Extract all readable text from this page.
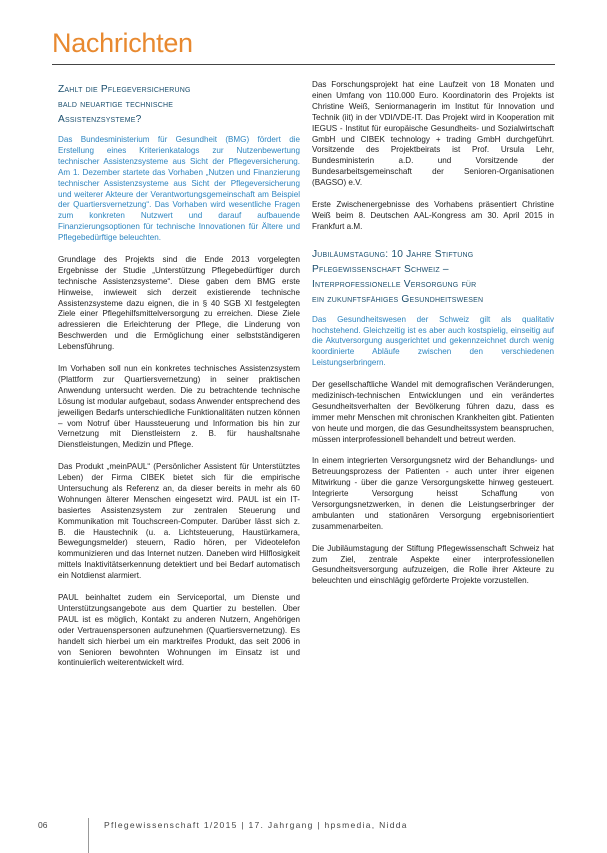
Nachrichten
Zahlt die Pflegeversicherung
bald neuartige technische
Assistenzsysteme?

Das Bundesministerium für Gesundheit (BMG) fördert die Erstellung eines Kriterienkatalogs zur Nutzenbewertung technischer Assistenzsysteme aus Sicht der Pflegeversicherung. Am 1. Dezember startete das Vorhaben „Nutzen und Finanzierung technischer Assistenzsysteme aus Sicht der Pflegeversicherung und weiterer Akteure der Verantwortungsgemeinschaft am Beispiel der Quartiersvernetzung“. Das Vorhaben wird wesentliche Fragen zum konkreten Nutzwert und darauf aufbauende Finanzierungsoptionen für technische Innovationen für Ältere und Pflegebedürftige beleuchten.

Grundlage des Projekts sind die Ende 2013 vorgelegten Ergebnisse der Studie „Unterstützung Pflegebedürftiger durch technische Assistenzsysteme“. Diese gaben dem BMG erste Hinweise, inwieweit sich derzeit existierende technische Assistenzsysteme dazu eignen, die in § 40 SGB XI festgelegten Ziele einer Pflegehilfsmittelversorgung zu erreichen. Diese Ziele adressieren die Erleichterung der Pflege, die Linderung von Beschwerden und die Ermöglichung einer selbstständigeren Lebensführung.

Im Vorhaben soll nun ein konkretes technisches Assistenzsystem (Plattform zur Quartiersvernetzung) in seiner praktischen Anwendung untersucht werden. Die zu betrachtende technische Lösung ist modular aufgebaut, sodass Anwender entsprechend des jeweiligen Bedarfs unterschiedliche Funktionalitäten nutzen können – vom Notruf über Haussteuerung und Information bis hin zur Vernetzung mit Dienstleistern z. B. für haushaltsnahe Dienstleistungen, Medizin und Pflege.

Das Produkt „meinPAUL“ (Persönlicher Assistent für Unterstütztes Leben) der Firma CIBEK bietet sich für die empirische Untersuchung als Referenz an, da dieser bereits in mehr als 60 Wohnungen älterer Menschen eingesetzt wird. PAUL ist ein IT-basiertes Assistenzsystem zur zentralen Steuerung und Kommunikation mit Touchscreen-Computer. Darüber lässt sich z. B. die Haustechnik (u. a. Lichtsteuerung, Haustürkamera, Bewegungsmelder) steuern, Radio hören, per Videotelefon kommunizieren und das Internet nutzen. Daneben wird Hilflosigkeit mittels Inaktivitätserkennung detektiert und bei Bedarf automatisch ein Notdienst alarmiert.

PAUL beinhaltet zudem ein Serviceportal, um Dienste und Unterstützungsangebote aus dem Quartier zu bestellen. Über PAUL ist es möglich, Kontakt zu anderen Nutzern, Angehörigen oder Vertrauenspersonen aufzunehmen (Quartiersvernetzung). Es handelt sich hierbei um ein marktreifes Produkt, das seit 2006 in von Senioren bewohnten Wohnungen im Einsatz ist und kontinuierlich weiterentwickelt wird.

Das Forschungsprojekt hat eine Laufzeit von 18 Monaten und einen Umfang von 110.000 Euro. Koordinatorin des Projekts ist Christine Weiß, Seniormanagerin im Institut für Innovation und Technik (iit) in der VDI/VDE-IT. Das Projekt wird in Kooperation mit IEGUS - Institut für europäische Gesundheits- und Sozialwirtschaft GmbH und CIBEK technology + trading GmbH durchgeführt. Vorsitzende des Projektbeirats ist Prof. Ursula Lehr, Bundesministerin a.D. und Vorsitzende der Bundesarbeitsgemeinschaft der Senioren-Organisationen (BAGSO) e.V.

Erste Zwischenergebnisse des Vorhabens präsentiert Christine Weiß beim 8. Deutschen AAL-Kongress am 30. April 2015 in Frankfurt a.M.

Jubiläumstagung: 10 Jahre Stiftung
Pflegewissenschaft Schweiz –
Interprofessionelle Versorgung für
ein zukunftsfähiges Gesundheitswesen

Das Gesundheitswesen der Schweiz gilt als qualitativ hochstehend. Gleichzeitig ist es aber auch kostspielig, einseitig auf die Akutversorgung ausgerichtet und gekennzeichnet durch wenig koordinierte Abläufe zwischen den verschiedenen Leistungserbringern.

Der gesellschaftliche Wandel mit demografischen Veränderungen, medizinisch-technischen Entwicklungen und ein verändertes Gesundheitsverhalten der Bevölkerung führen dazu, dass es immer mehr Menschen mit chronischen Krankheiten gibt. Patienten von heute und morgen, die das Gesundheitssystem beanspruchen, müssen interprofessionell behandelt und betreut werden.

In einem integrierten Versorgungsnetz wird der Behandlungs- und Betreuungsprozess der Patienten - auch unter ihrer eigenen Mitwirkung - über die ganze Versorgungskette hinweg gesteuert. Integrierte Versorgung heisst Schaffung von Versorgungsnetzwerken, in denen die Leistungserbringer der ambulanten und stationären Versorgung ergebnisorientiert zusammenarbeiten.

Die Jubiläumstagung der Stiftung Pflegewissenschaft Schweiz hat zum Ziel, zentrale Aspekte einer interprofessionellen Gesundheitsversorgung aufzuzeigen, die Rolle ihrer Akteure zu beleuchten und einschlägig geförderte Projekte vorzustellen.

06	Pflegewissenschaft 1/2015 | 17. Jahrgang | hpsmedia, Nidda
